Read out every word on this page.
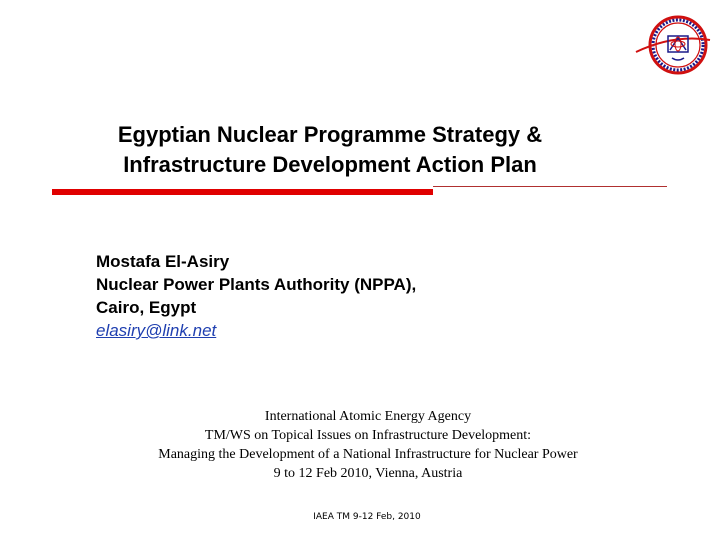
Egyptian Nuclear Programme Strategy &
Infrastructure Development Action Plan
Mostafa El-Asiry
Nuclear Power Plants Authority (NPPA),
Cairo, Egypt
elasiry@link.net
International Atomic Energy Agency
TM/WS on Topical Issues on Infrastructure Development:
Managing the Development of a National Infrastructure for Nuclear Power
9 to 12 Feb 2010, Vienna, Austria
IAEA TM 9-12 Feb, 2010
